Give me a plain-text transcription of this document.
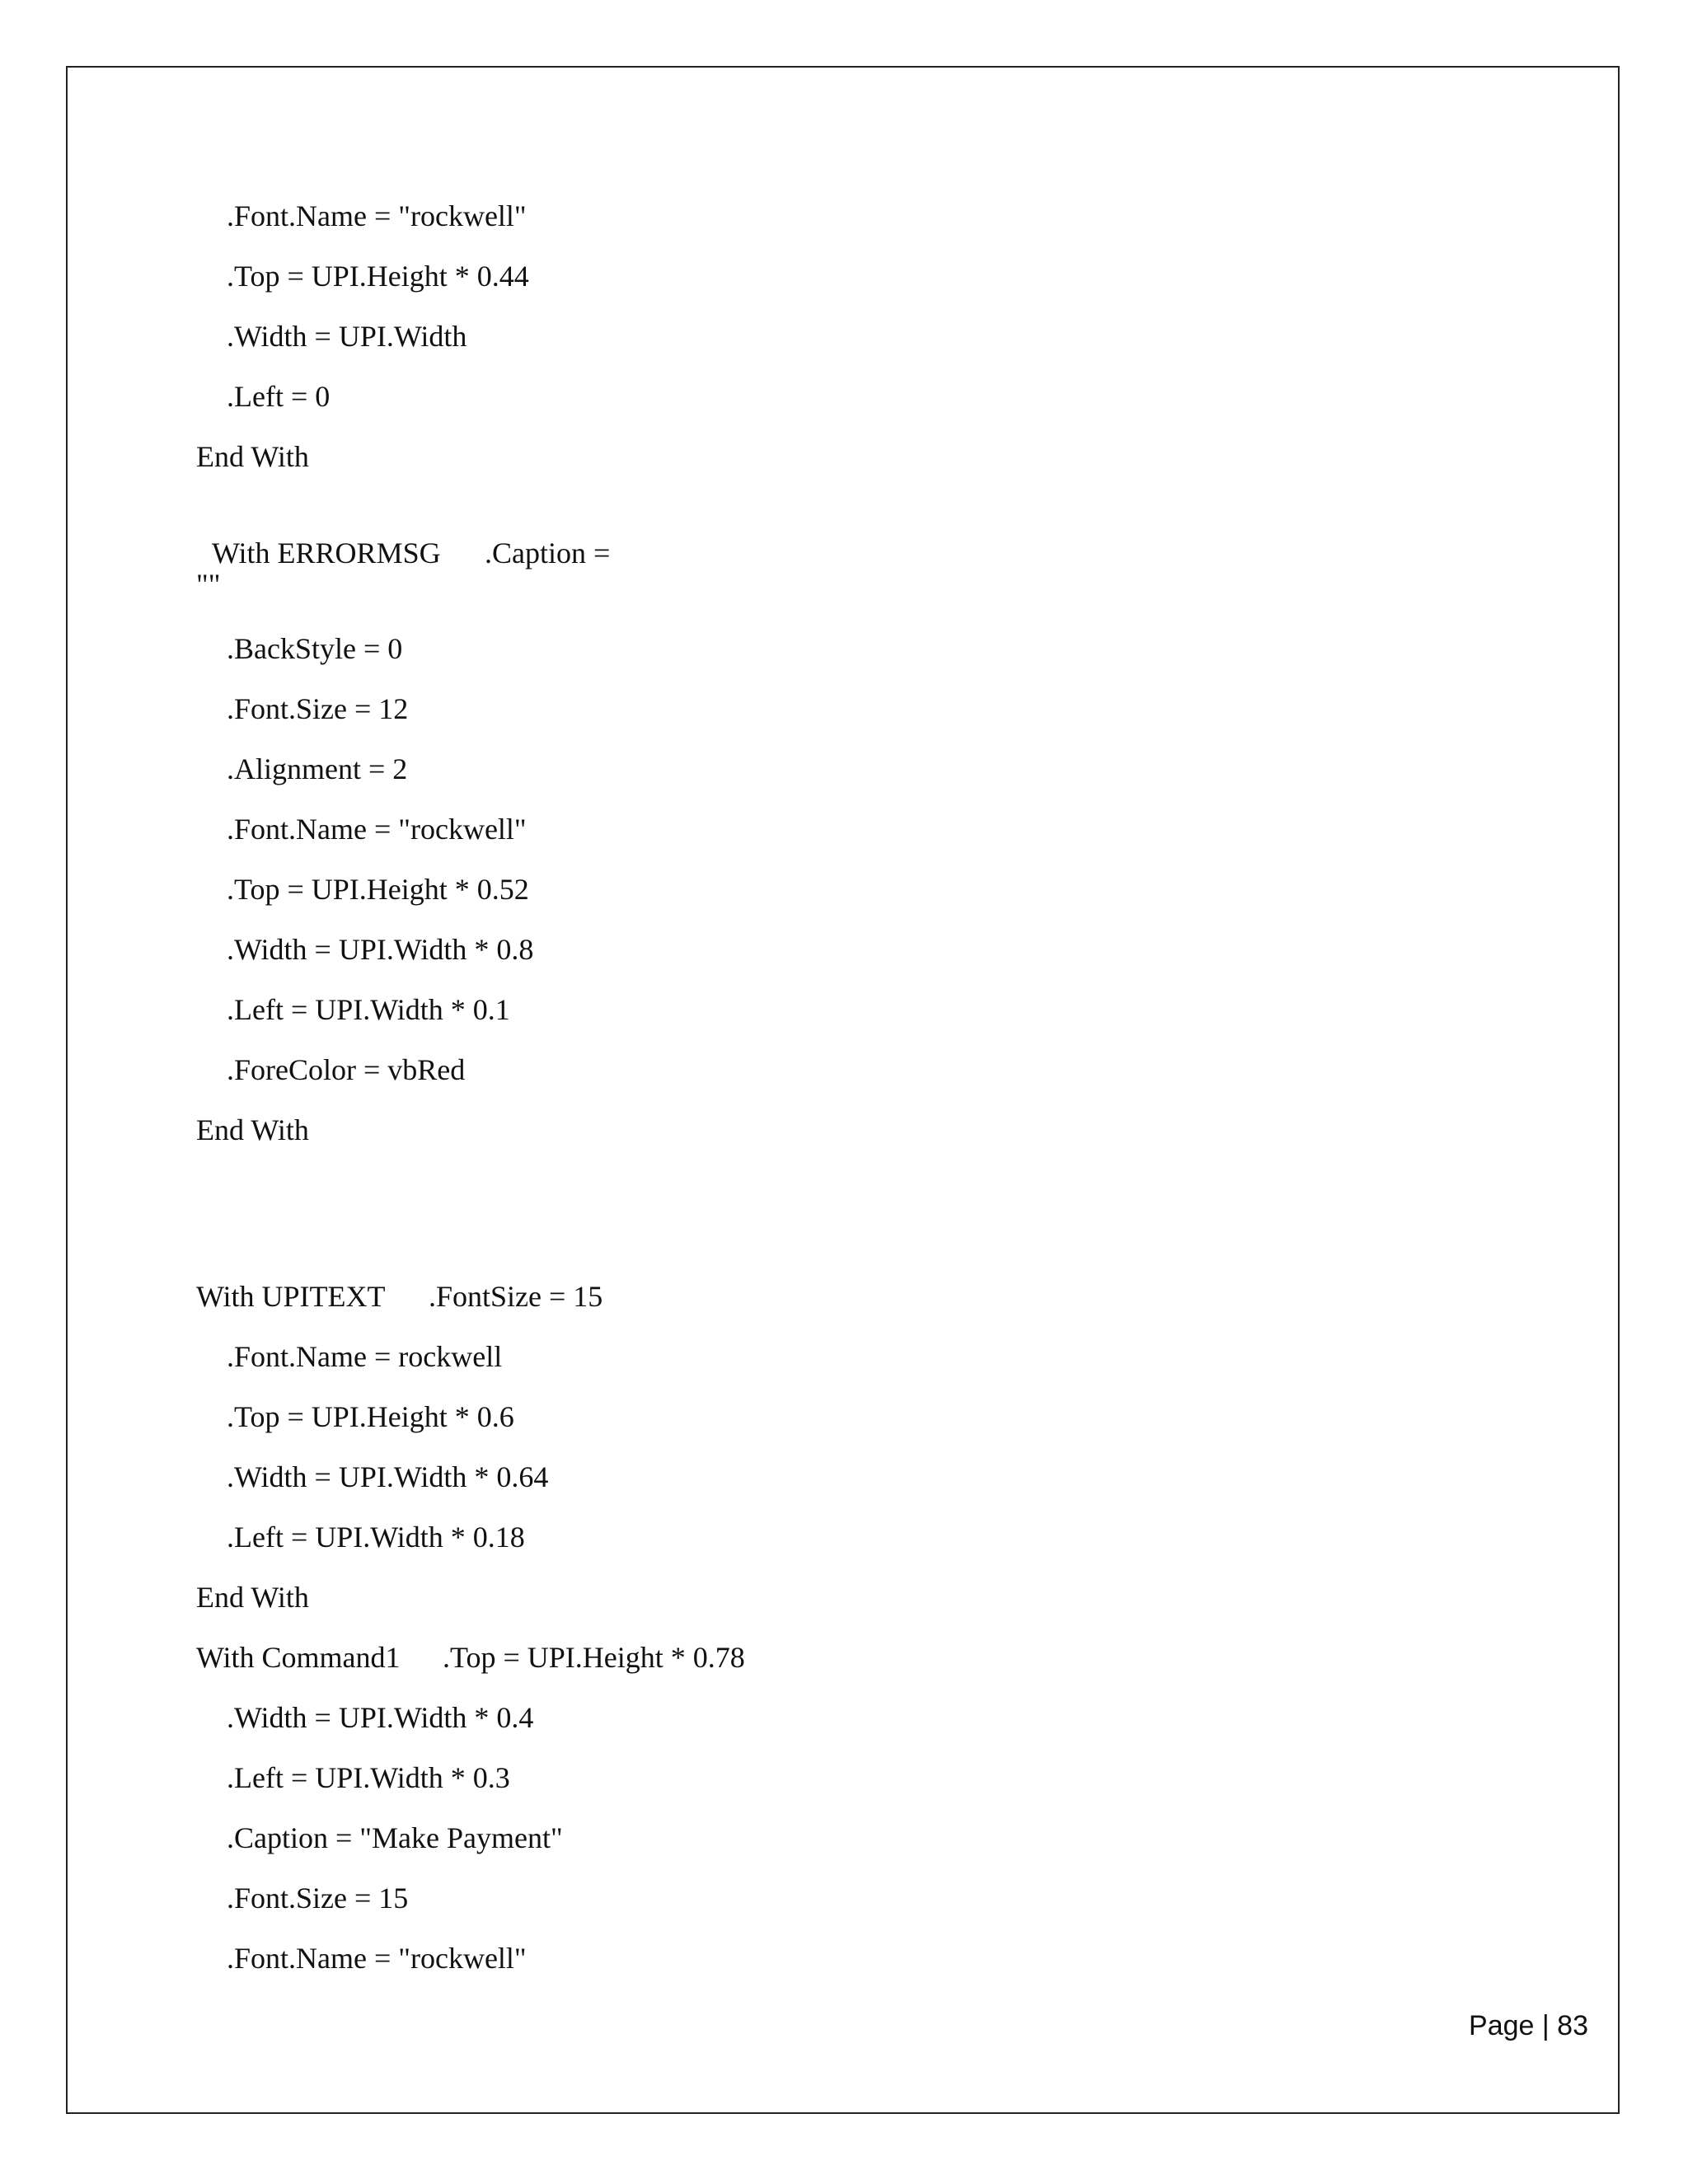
.Font.Name = "rockwell"

.Top = UPI.Height * 0.44

.Width = UPI.Width

.Left = 0

End With

With ERRORMSG .Caption =

""

.BackStyle = 0

.Font.Size = 12

.Alignment = 2

.Font.Name = "rockwell"

.Top = UPI.Height * 0.52

.Width = UPI.Width * 0.8

.Left = UPI.Width * 0.1

.ForeColor = vbRed

End With

With UPITEXT .FontSize = 15

.Font.Name = rockwell

.Top = UPI.Height * 0.6

.Width = UPI.Width * 0.64

.Left = UPI.Width * 0.18

End With

With Command1 .Top = UPI.Height * 0.78

.Width = UPI.Width * 0.4

.Left = UPI.Width * 0.3

.Caption = "Make Payment"

.Font.Size = 15

.Font.Name = "rockwell"

Page | 83
